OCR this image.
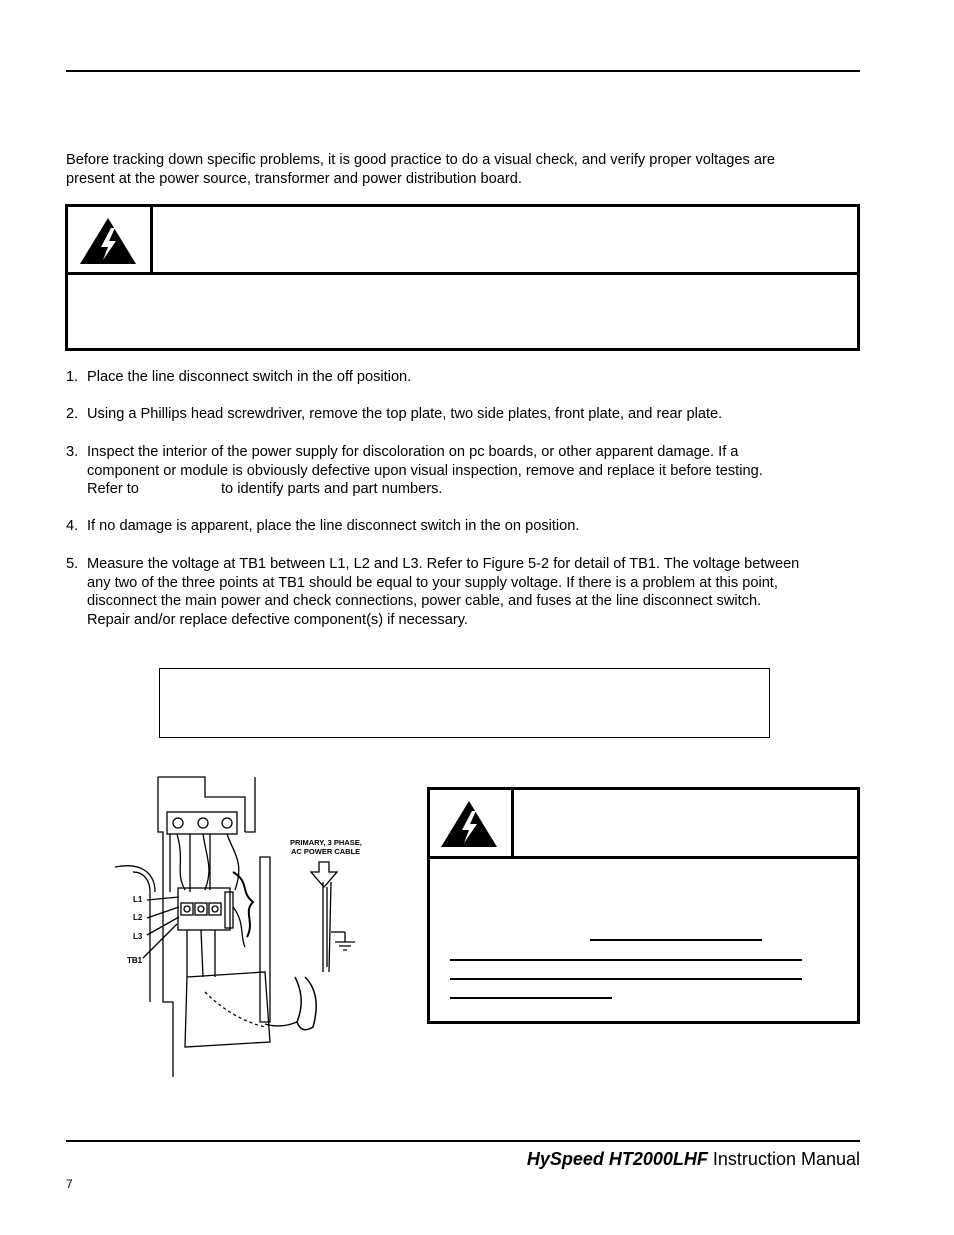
Before tracking down specific problems, it is good practice to do a visual check, and verify proper voltages are
present at the power source, transformer and power distribution board.
1. Place the line disconnect switch in the off position.
2. Using a Phillips head screwdriver, remove the top plate, two side plates, front plate, and rear plate.
3. Inspect the interior of the power supply for discoloration on pc boards, or other apparent damage. If a
component or module is obviously defective upon visual inspection, remove and replace it before testing.
Refer to	to identify parts and part numbers.
4. If no damage is apparent, place the line disconnect switch in the on position.
5. Measure the voltage at TB1 between L1, L2 and L3. Refer to Figure 5-2 for detail of TB1. The voltage between
any two of the three points at TB1 should be equal to your supply voltage. If there is a problem at this point,
disconnect the main power and check connections, power cable, and fuses at the line disconnect switch.
Repair and/or replace defective component(s) if necessary.
L1
L2
L3
TB1
PRIMARY, 3 PHASE,
AC POWER CABLE
HySpeed HT2000LHF Instruction Manual
7
